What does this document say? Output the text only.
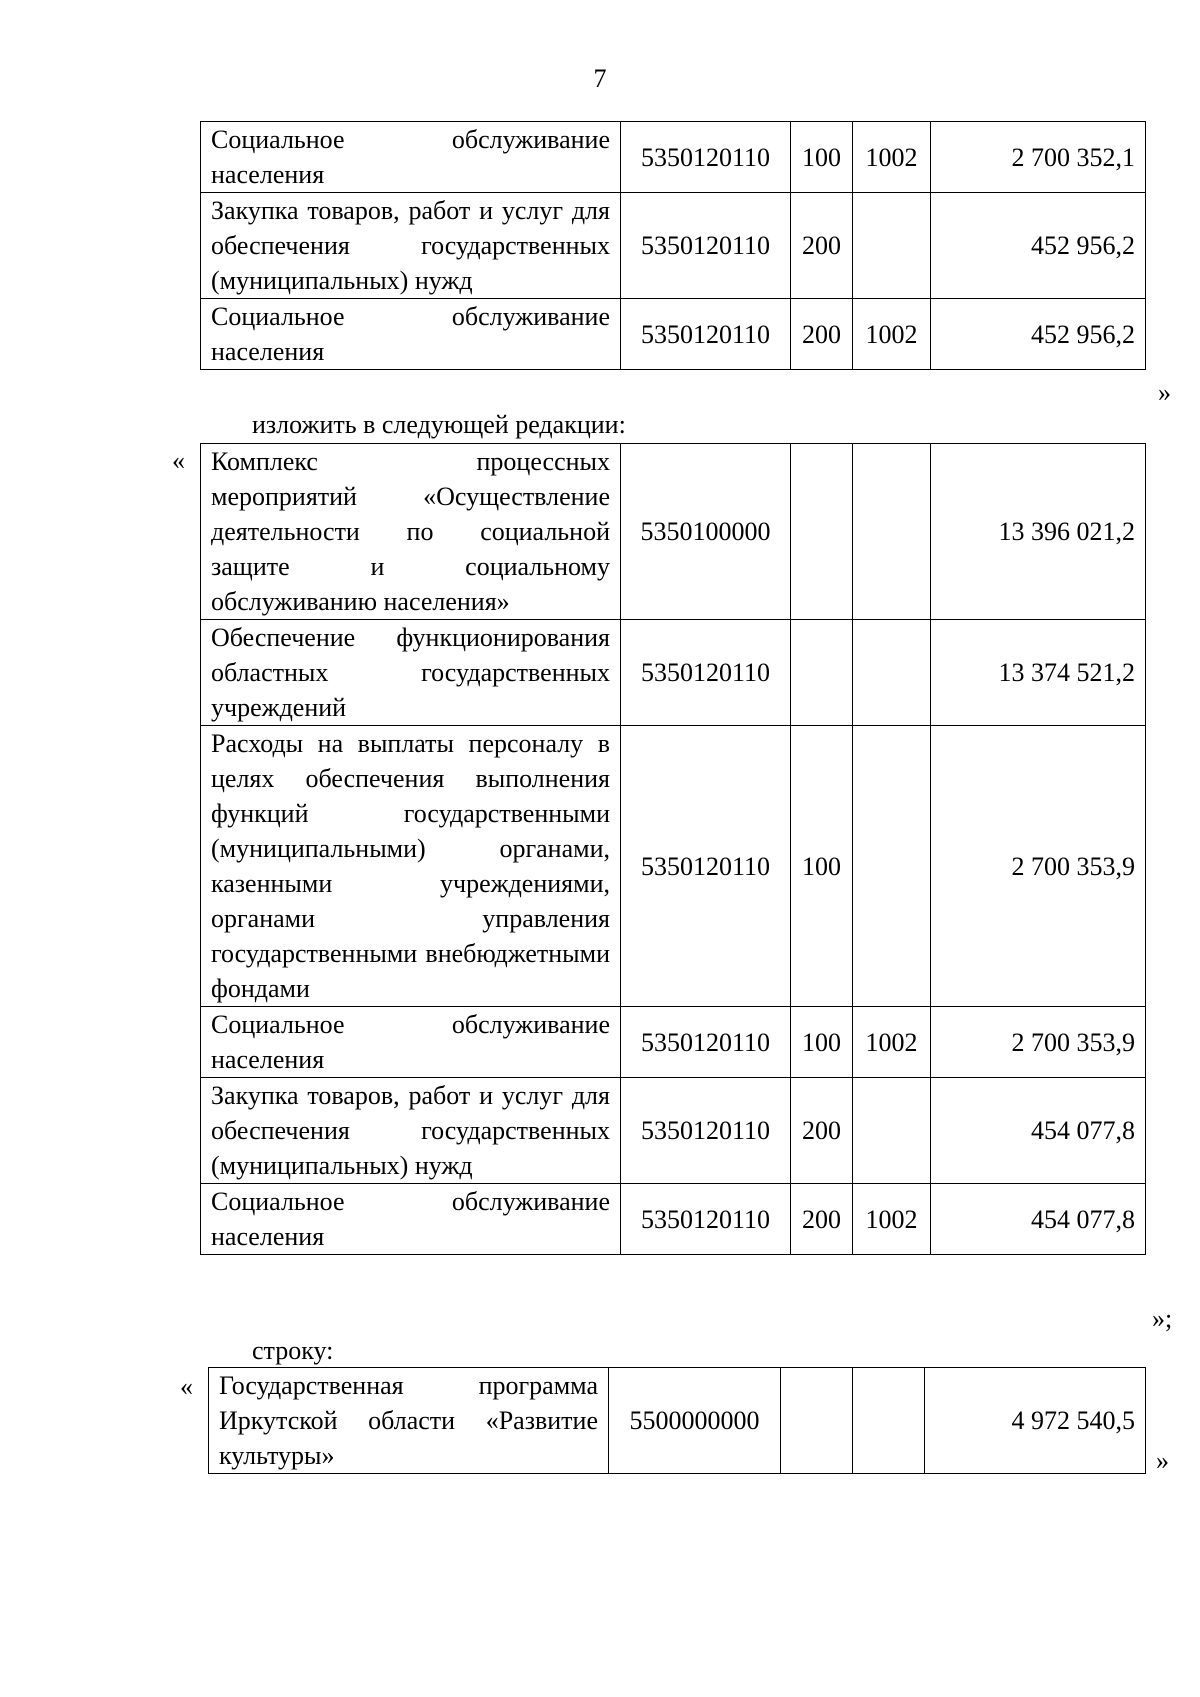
7
Социальное обслуживание населения	5350120110	100	1002	2 700 352,1
Закупка товаров, работ и услуг для обеспечения государственных (муниципальных) нужд	5350120110	200		452 956,2
Социальное обслуживание населения	5350120110	200	1002	452 956,2
»
изложить в следующей редакции:
« Комплекс процессных мероприятий «Осуществление деятельности по социальной защите и социальному обслуживанию населения»	5350100000			13 396 021,2
Обеспечение функционирования областных государственных учреждений	5350120110			13 374 521,2
Расходы на выплаты персоналу в целях обеспечения выполнения функций государственными (муниципальными) органами, казенными учреждениями, органами управления государственными внебюджетными фондами	5350120110	100		2 700 353,9
Социальное обслуживание населения	5350120110	100	1002	2 700 353,9
Закупка товаров, работ и услуг для обеспечения государственных (муниципальных) нужд	5350120110	200		454 077,8
Социальное обслуживание населения	5350120110	200	1002	454 077,8
»;
строку:
« Государственная программа Иркутской области «Развитие культуры»	5500000000			4 972 540,5
»
